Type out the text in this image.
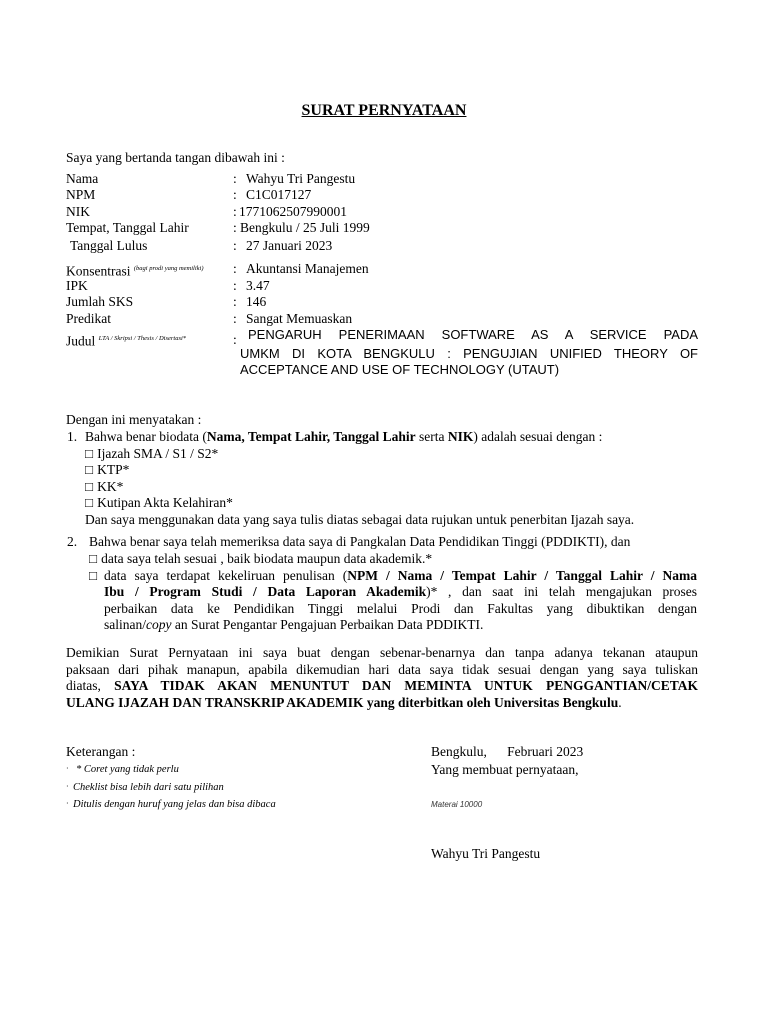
SURAT PERNYATAAN
Saya yang bertanda tangan dibawah ini :
Nama	: Wahyu Tri Pangestu
NPM	: C1C017127
NIK	: 1771062507990001
Tempat, Tanggal Lahir	: Bengkulu / 25 Juli 1999
Tanggal Lulus	: 27 Januari 2023
Konsentrasi $^{(bagi prodi yang memiliki)}$ : Akuntansi Manajemen
IPK	: 3.47
Jumlah SKS	: 146
Predikat	: Sangat Memuaskan
Judul $^{LTA / Skripsi / Thesis / Disertasi*}$	: PENGARUH PENERIMAAN SOFTWARE AS A SERVICE PADA
UMKM DI KOTA BENGKULU : PENGUJIAN UNIFIED THEORY OF
ACCEPTANCE AND USE OF TECHNOLOGY (UTAUT)
Dengan ini menyatakan :
1. Bahwa benar biodata (Nama, Tempat Lahir, Tanggal Lahir serta NIK) adalah sesuai dengan :
□ Ijazah SMA / S1 / S2*
□ KTP*
□ KK*
□ Kutipan Akta Kelahiran*
Dan saya menggunakan data yang saya tulis diatas sebagai data rujukan untuk penerbitan Ijazah saya.
2. Bahwa benar saya telah memeriksa data saya di Pangkalan Data Pendidikan Tinggi (PDDIKTI), dan
□ data saya telah sesuai , baik biodata maupun data akademik.*
□ data saya terdapat kekeliruan penulisan (NPM / Nama / Tempat Lahir / Tanggal Lahir / Nama
Ibu / Program Studi / Data Laporan Akademik)* , dan saat ini telah mengajukan proses
perbaikan data ke Pendidikan Tinggi melalui Prodi dan Fakultas yang dibuktikan dengan
salinan/copy an Surat Pengantar Pengajuan Perbaikan Data PDDIKTI.
Demikian Surat Pernyataan ini saya buat dengan sebenar-benarnya dan tanpa adanya tekanan ataupun
paksaan dari pihak manapun, apabila dikemudian hari data saya tidak sesuai dengan yang saya tuliskan
diatas, SAYA TIDAK AKAN MENUNTUT DAN MEMINTA UNTUK PENGGANTIAN/CETAK
ULANG IJAZAH DAN TRANSKRIP AKADEMIK yang diterbitkan oleh Universitas Bengkulu.
Keterangan :
· * Coret yang tidak perlu
· Cheklist bisa lebih dari satu pilihan
· Ditulis dengan huruf yang jelas dan bisa dibaca
Bengkulu,      Februari 2023
Yang membuat pernyataan,
Materai 10000
Wahyu Tri Pangestu
